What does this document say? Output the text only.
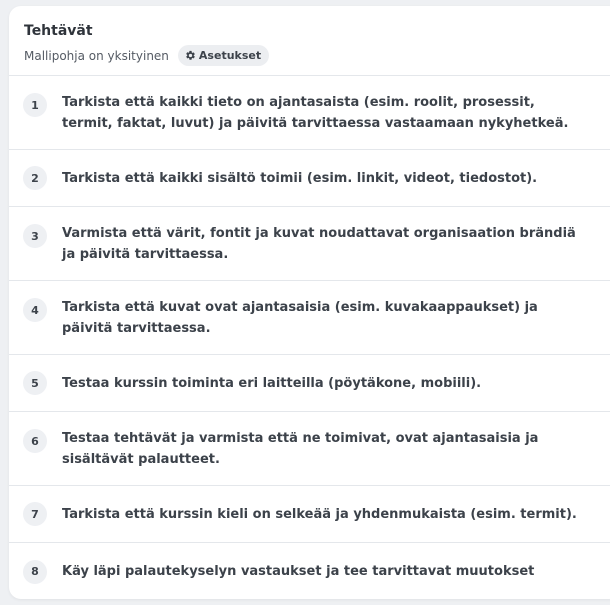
Tehtävät
Mallipohja on yksityinen	Asetukset
1	Tarkista että kaikki tieto on ajantasaista (esim. roolit, prosessit, termit, faktat, luvut) ja päivitä tarvittaessa vastaamaan nykyhetkeä.
2	Tarkista että kaikki sisältö toimii (esim. linkit, videot, tiedostot).
3	Varmista että värit, fontit ja kuvat noudattavat organisaation brändiä ja päivitä tarvittaessa.
4	Tarkista että kuvat ovat ajantasaisia (esim. kuvakaappaukset) ja päivitä tarvittaessa.
5	Testaa kurssin toiminta eri laitteilla (pöytäkone, mobiili).
6	Testaa tehtävät ja varmista että ne toimivat, ovat ajantasaisia ja sisältävät palautteet.
7	Tarkista että kurssin kieli on selkeää ja yhdenmukaista (esim. termit).
8	Käy läpi palautekyselyn vastaukset ja tee tarvittavat muutokset
